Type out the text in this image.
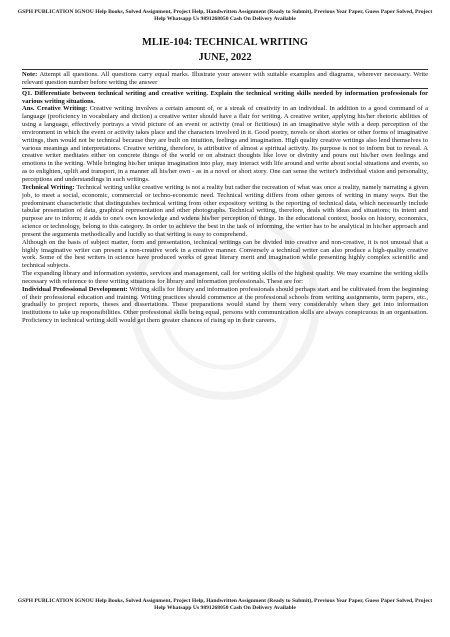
GSPH PUBLICATION IGNOU Help Books, Solved Assignment, Project Help, Handwritten Assignment (Ready to Submit), Previous Year Paper, Guess Paper Solved, Project Help Whatsapp Us 9891268050 Cash On Delivery Available
MLIE-104: TECHNICAL WRITING
JUNE, 2022

Note: Attempt all questions. All questions carry equal marks. Illustrate your answer with suitable examples and diagrams, wherever necessary. Write relevant question number before writing the answer

Q1. Differentiate between technical writing and creative writing. Explain the technical writing skills needed by information professionals for various writing situations.

Ans. Creative Writing: Creative writing involves a certain amount of, or a streak of creativity in an individual. In addition to a good command of a language (proficiency in vocabulary and diction) a creative writer should have a flair for writing. A creative writer, applying his/her rhetoric abilities of using a language, effectively portrays a vivid picture of an event or activity (real or fictitious) in an imaginative style with a deep perception of the environment in which the event or activity takes place and the characters involved in it. Good poetry, novels or short stories or other forms of imaginative writings, then would not be technical because they are built on intuition, feelings and imagination. High quality creative writings also lend themselves to various meanings and interpretations. Creative writing, therefore, is attributive of almost a spiritual activity. Its purpose is not to inform but to reveal. A creative writer meditates either on concrete things of the world or on abstract thoughts like love or divinity and pours out his/her own feelings and emotions in the writing. While bringing his/her unique imagination into play, may interact with life around and write about social situations and events, so as to enlighten, uplift and transport, in a manner all his/her own - as in a novel or short story. One can sense the writer's individual vision and personality, perceptions and understandings in such writings.

Technical Writing: Technical writing unlike creative writing is not a reality but rather the recreation of what was once a reality, namely narrating a given job, to meet a social, economic, commercial or techno-economic need. Technical writing differs from other genres of writing in many ways. But the predominant characteristic that distinguishes technical writing from other expository writing is the reporting of technical data, which necessarily include tabular presentation of data, graphical representation and other photographs. Technical writing, therefore, deals with ideas and situations; its intent and purpose are to inform; it adds to one's own knowledge and widens his/her perception of things. In the educational context, books on history, economics, science or technology, belong to this category. In order to achieve the best in the task of informing, the writer has to be analytical in his/her approach and present the arguments methodically and lucidly so that writing is easy to comprehend.

Although on the basis of subject matter, form and presentation, technical writings can be divided into creative and non-creative, it is not unusual that a highly imaginative writer can present a non-creative work in a creative manner. Conversely a technical writer can also produce a high-quality creative work. Some of the best writers in science have produced works of great literary merit and imagination while presenting highly complex scientific and technical subjects.

The expanding library and information systems, services and management, call for writing skills of the highest quality. We may examine the writing skills necessary with reference to three writing situations for library and information professionals. These are for:

Individual Professional Development: Writing skills for library and information professionals should perhaps start and be cultivated from the beginning of their professional education and training. Writing practices should commence at the professional schools from writing assignments, term papers, etc., gradually to project reports, theses and dissertations. These preparations would stand by them very considerably when they get into information institutions to take up responsibilities. Other professional skills being equal, persons with communication skills are always conspicuous in an organisation. Proficiency in technical writing skill would get them greater chances of rising up in their careers.

GSPH PUBLICATION IGNOU Help Books, Solved Assignment, Project Help, Handwritten Assignment (Ready to Submit), Previous Year Paper, Guess Paper Solved, Project Help Whatsapp Us 9891268050 Cash On Delivery Available
